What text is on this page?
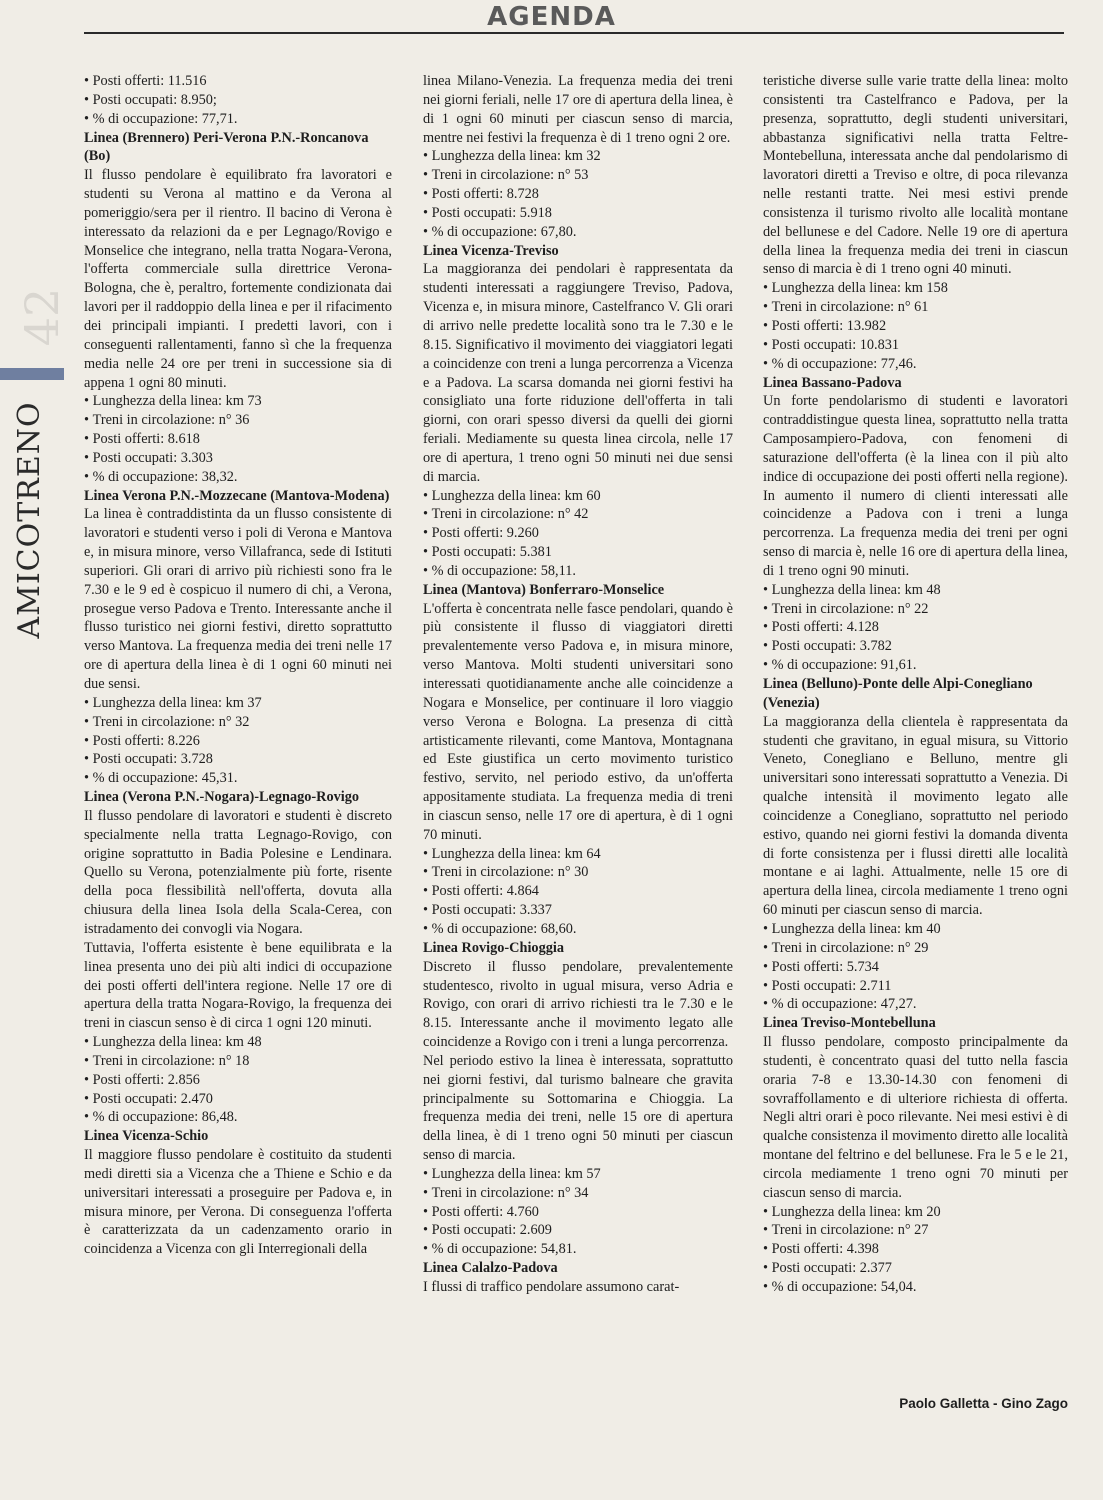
AGENDA
42
AMICOTRENO
• Posti offerti: 11.516
• Posti occupati: 8.950;
• % di occupazione: 77,71.
Linea (Brennero) Peri-Verona P.N.-Roncanova (Bo)

Il flusso pendolare è equilibrato fra lavoratori e studenti su Verona al mattino e da Verona al pomeriggio/sera per il rientro. Il bacino di Verona è interessato da relazioni da e per Legnago/Rovigo e Monselice che integrano, nella tratta Nogara-Verona, l'offerta commerciale sulla direttrice Verona-Bologna, che è, peraltro, fortemente condizionata dai lavori per il raddoppio della linea e per il rifacimento dei principali impianti. I predetti lavori, con i conseguenti rallentamenti, fanno sì che la frequenza media nelle 24 ore per treni in successione sia di appena 1 ogni 80 minuti.

• Lunghezza della linea: km 73
• Treni in circolazione: n° 36
• Posti offerti: 8.618
• Posti occupati: 3.303
• % di occupazione: 38,32.
Linea Verona P.N.-Mozzecane (Mantova-Modena)

La linea è contraddistinta da un flusso consistente di lavoratori e studenti verso i poli di Verona e Mantova e, in misura minore, verso Villafranca, sede di Istituti superiori. Gli orari di arrivo più richiesti sono fra le 7.30 e le 9 ed è cospicuo il numero di chi, a Verona, prosegue verso Padova e Trento. Interessante anche il flusso turistico nei giorni festivi, diretto soprattutto verso Mantova. La frequenza media dei treni nelle 17 ore di apertura della linea è di 1 ogni 60 minuti nei due sensi.

• Lunghezza della linea: km 37
• Treni in circolazione: n° 32
• Posti offerti: 8.226
• Posti occupati: 3.728
• % di occupazione: 45,31.
Linea (Verona P.N.-Nogara)-Legnago-Rovigo

Il flusso pendolare di lavoratori e studenti è discreto specialmente nella tratta Legnago-Rovigo, con origine soprattutto in Badia Polesine e Lendinara. Quello su Verona, potenzialmente più forte, risente della poca flessibilità nell'offerta, dovuta alla chiusura della linea Isola della Scala-Cerea, con istradamento dei convogli via Nogara.

Tuttavia, l'offerta esistente è bene equilibrata e la linea presenta uno dei più alti indici di occupazione dei posti offerti dell'intera regione. Nelle 17 ore di apertura della tratta Nogara-Rovigo, la frequenza dei treni in ciascun senso è di circa 1 ogni 120 minuti.

• Lunghezza della linea: km 48
• Treni in circolazione: n° 18
• Posti offerti: 2.856
• Posti occupati: 2.470
• % di occupazione: 86,48.
Linea Vicenza-Schio

Il maggiore flusso pendolare è costituito da studenti medi diretti sia a Vicenza che a Thiene e Schio e da universitari interessati a proseguire per Padova e, in misura minore, per Verona. Di conseguenza l'offerta è caratterizzata da un cadenzamento orario in coincidenza a Vicenza con gli Interregionali della

linea Milano-Venezia. La frequenza media dei treni nei giorni feriali, nelle 17 ore di apertura della linea, è di 1 ogni 60 minuti per ciascun senso di marcia, mentre nei festivi la frequenza è di 1 treno ogni 2 ore.

• Lunghezza della linea: km 32
• Treni in circolazione: n° 53
• Posti offerti: 8.728
• Posti occupati: 5.918
• % di occupazione: 67,80.
Linea Vicenza-Treviso

La maggioranza dei pendolari è rappresentata da studenti interessati a raggiungere Treviso, Padova, Vicenza e, in misura minore, Castelfranco V. Gli orari di arrivo nelle predette località sono tra le 7.30 e le 8.15. Significativo il movimento dei viaggiatori legati a coincidenze con treni a lunga percorrenza a Vicenza e a Padova. La scarsa domanda nei giorni festivi ha consigliato una forte riduzione dell'offerta in tali giorni, con orari spesso diversi da quelli dei giorni feriali. Mediamente su questa linea circola, nelle 17 ore di apertura, 1 treno ogni 50 minuti nei due sensi di marcia.

• Lunghezza della linea: km 60
• Treni in circolazione: n° 42
• Posti offerti: 9.260
• Posti occupati: 5.381
• % di occupazione: 58,11.
Linea (Mantova) Bonferraro-Monselice

L'offerta è concentrata nelle fasce pendolari, quando è più consistente il flusso di viaggiatori diretti prevalentemente verso Padova e, in misura minore, verso Mantova. Molti studenti universitari sono interessati quotidianamente anche alle coincidenze a Nogara e Monselice, per continuare il loro viaggio verso Verona e Bologna. La presenza di città artisticamente rilevanti, come Mantova, Montagnana ed Este giustifica un certo movimento turistico festivo, servito, nel periodo estivo, da un'offerta appositamente studiata. La frequenza media di treni in ciascun senso, nelle 17 ore di apertura, è di 1 ogni 70 minuti.

• Lunghezza della linea: km 64
• Treni in circolazione: n° 30
• Posti offerti: 4.864
• Posti occupati: 3.337
• % di occupazione: 68,60.
Linea Rovigo-Chioggia

Discreto il flusso pendolare, prevalentemente studentesco, rivolto in ugual misura, verso Adria e Rovigo, con orari di arrivo richiesti tra le 7.30 e le 8.15. Interessante anche il movimento legato alle coincidenze a Rovigo con i treni a lunga percorrenza.

Nel periodo estivo la linea è interessata, soprattutto nei giorni festivi, dal turismo balneare che gravita principalmente su Sottomarina e Chioggia. La frequenza media dei treni, nelle 15 ore di apertura della linea, è di 1 treno ogni 50 minuti per ciascun senso di marcia.

• Lunghezza della linea: km 57
• Treni in circolazione: n° 34
• Posti offerti: 4.760
• Posti occupati: 2.609
• % di occupazione: 54,81.
Linea Calalzo-Padova

I flussi di traffico pendolare assumono carat-

teristiche diverse sulle varie tratte della linea: molto consistenti tra Castelfranco e Padova, per la presenza, soprattutto, degli studenti universitari, abbastanza significativi nella tratta Feltre-Montebelluna, interessata anche dal pendolarismo di lavoratori diretti a Treviso e oltre, di poca rilevanza nelle restanti tratte. Nei mesi estivi prende consistenza il turismo rivolto alle località montane del bellunese e del Cadore. Nelle 19 ore di apertura della linea la frequenza media dei treni in ciascun senso di marcia è di 1 treno ogni 40 minuti.

• Lunghezza della linea: km 158
• Treni in circolazione: n° 61
• Posti offerti: 13.982
• Posti occupati: 10.831
• % di occupazione: 77,46.
Linea Bassano-Padova

Un forte pendolarismo di studenti e lavoratori contraddistingue questa linea, soprattutto nella tratta Camposampiero-Padova, con fenomeni di saturazione dell'offerta (è la linea con il più alto indice di occupazione dei posti offerti nella regione). In aumento il numero di clienti interessati alle coincidenze a Padova con i treni a lunga percorrenza. La frequenza media dei treni per ogni senso di marcia è, nelle 16 ore di apertura della linea, di 1 treno ogni 90 minuti.

• Lunghezza della linea: km 48
• Treni in circolazione: n° 22
• Posti offerti: 4.128
• Posti occupati: 3.782
• % di occupazione: 91,61.
Linea (Belluno)-Ponte delle Alpi-Conegliano (Venezia)

La maggioranza della clientela è rappresentata da studenti che gravitano, in egual misura, su Vittorio Veneto, Conegliano e Belluno, mentre gli universitari sono interessati soprattutto a Venezia. Di qualche intensità il movimento legato alle coincidenze a Conegliano, soprattutto nel periodo estivo, quando nei giorni festivi la domanda diventa di forte consistenza per i flussi diretti alle località montane e ai laghi. Attualmente, nelle 15 ore di apertura della linea, circola mediamente 1 treno ogni 60 minuti per ciascun senso di marcia.

• Lunghezza della linea: km 40
• Treni in circolazione: n° 29
• Posti offerti: 5.734
• Posti occupati: 2.711
• % di occupazione: 47,27.
Linea Treviso-Montebelluna

Il flusso pendolare, composto principalmente da studenti, è concentrato quasi del tutto nella fascia oraria 7-8 e 13.30-14.30 con fenomeni di sovraffollamento e di ulteriore richiesta di offerta. Negli altri orari è poco rilevante. Nei mesi estivi è di qualche consistenza il movimento diretto alle località montane del feltrino e del bellunese. Fra le 5 e le 21, circola mediamente 1 treno ogni 70 minuti per ciascun senso di marcia.

• Lunghezza della linea: km 20
• Treni in circolazione: n° 27
• Posti offerti: 4.398
• Posti occupati: 2.377
• % di occupazione: 54,04.
Paolo Galletta - Gino Zago
